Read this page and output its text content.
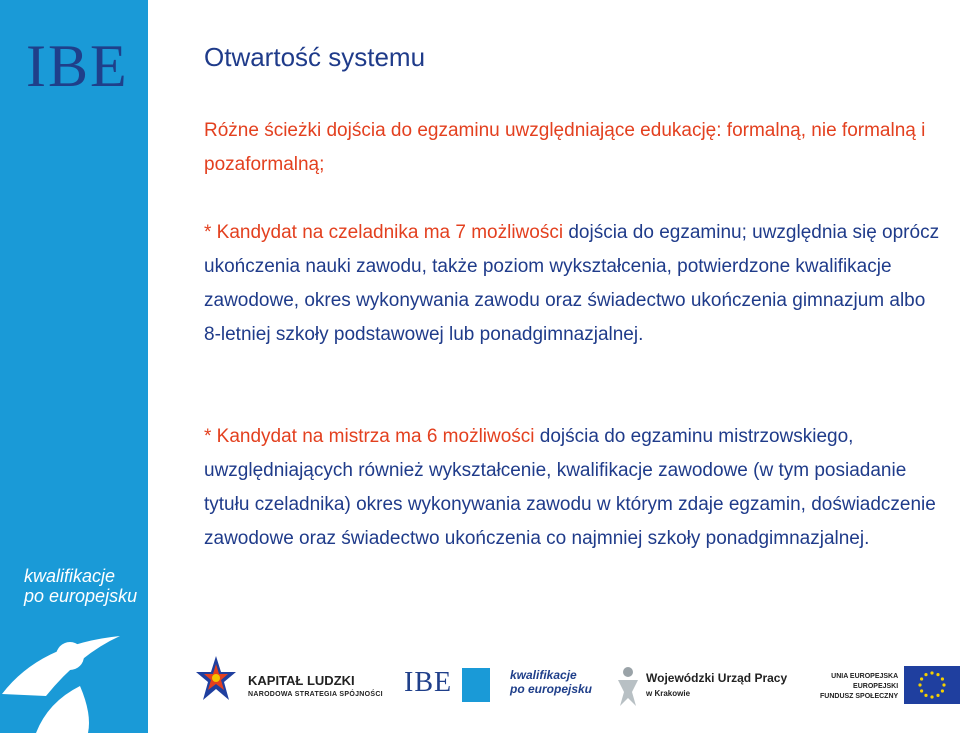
IBE
kwalifikacje
po europejsku
Otwartość systemu

Różne ścieżki dojścia do egzaminu uwzględniające edukację: formalną, nie formalną i pozaformalną;

* Kandydat na czeladnika ma 7 możliwości dojścia do egzaminu; uwzględnia się oprócz ukończenia nauki zawodu, także poziom wykształcenia, potwierdzone kwalifikacje zawodowe, okres wykonywania zawodu oraz świadectwo ukończenia gimnazjum albo 8-letniej szkoły podstawowej lub ponadgimnazjalnej.

* Kandydat na mistrza ma 6 możliwości dojścia do egzaminu mistrzowskiego, uwzględniających również wykształcenie, kwalifikacje zawodowe (w tym posiadanie tytułu czeladnika) okres wykonywania zawodu w którym zdaje egzamin, doświadczenie zawodowe oraz świadectwo ukończenia co najmniej szkoły ponadgimnazjalnej.

KAPITAŁ LUDZKI
NARODOWA STRATEGIA SPÓJNOŚCI IBE	kwalifikacje
po europejsku
Wojewódzki Urząd Pracy
w Krakowie
UNIA EUROPEJSKA
EUROPEJSKI
FUNDUSZ SPOŁECZNY
